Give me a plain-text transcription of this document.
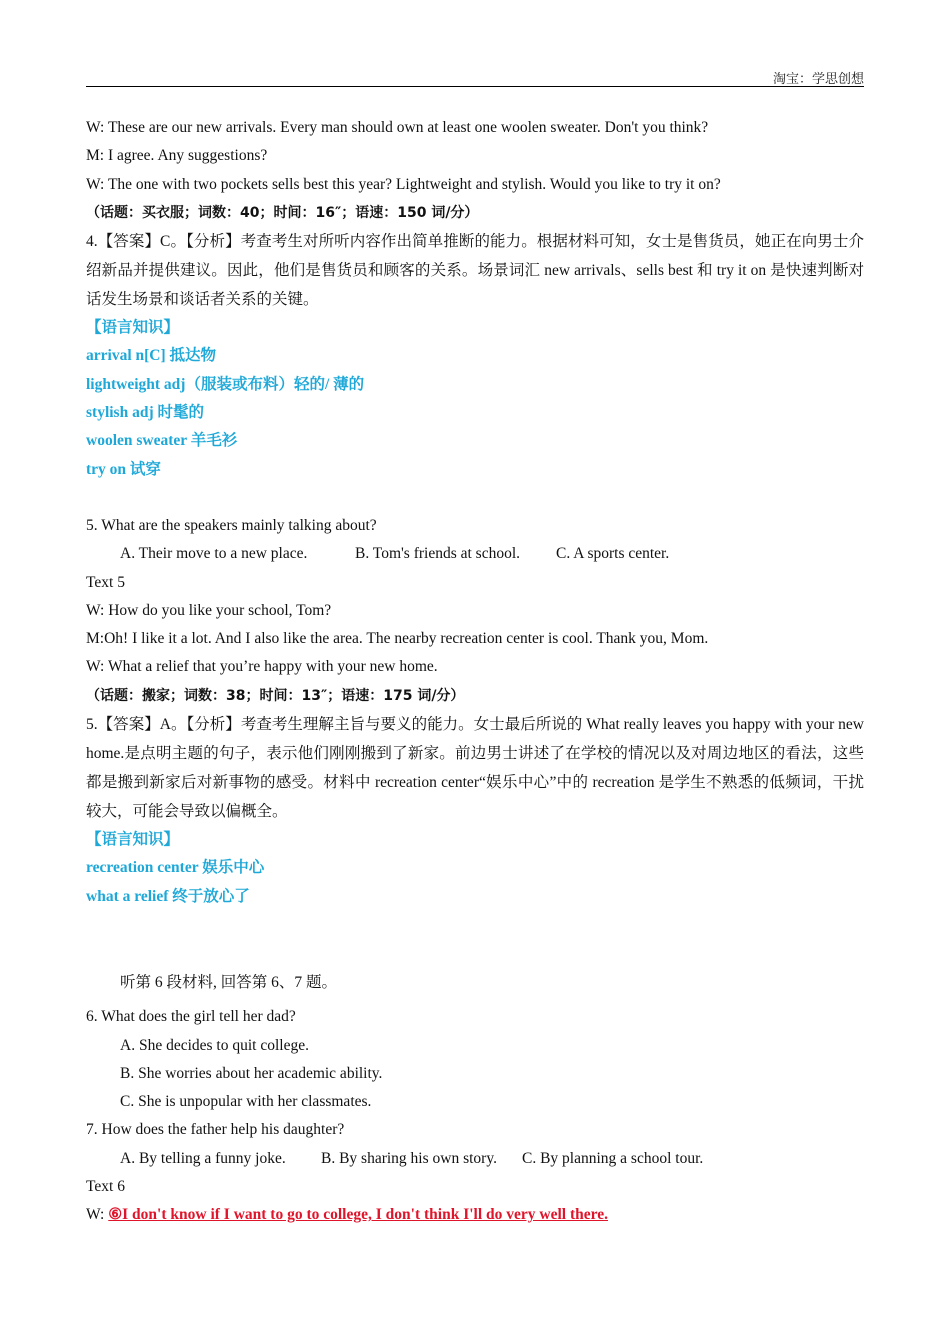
淘宝：学思创想
W: These are our new arrivals. Every man should own at least one woolen sweater. Don't you think?
M: I agree. Any suggestions?
W: The one with two pockets sells best this year? Lightweight and stylish. Would you like to try it on?
（话题：买衣服；词数：40；时间：16″；语速：150 词/分）
4.【答案】C。【分析】考查考生对所听内容作出简单推断的能力。根据材料可知，女士是售货员，她正在向男士介绍新品并提供建议。因此，他们是售货员和顾客的关系。场景词汇 new arrivals、sells best 和 try it on 是快速判断对话发生场景和谈话者关系的关键。
【语言知识】
arrival n[C] 抵达物
lightweight adj（服装或布料）轻的/ 薄的
stylish adj 时髦的
woolen sweater 羊毛衫
try on 试穿
5. What are the speakers mainly talking about?
A. Their move to a new place.	B. Tom's friends at school. C. A sports center.
Text 5
W: How do you like your school, Tom?
M:Oh! I like it a lot. And I also like the area. The nearby recreation center is cool. Thank you, Mom.
W: What a relief that you’re happy with your new home.
（话题：搬家；词数：38；时间：13″；语速：175 词/分）
5.【答案】A。【分析】考查考生理解主旨与要义的能力。女士最后所说的 What really leaves you happy with your new home.是点明主题的句子，表示他们刚刚搬到了新家。前边男士讲述了在学校的情况以及对周边地区的看法，这些都是搬到新家后对新事物的感受。材料中 recreation center“娱乐中心”中的 recreation 是学生不熟悉的低频词，干扰较大，可能会导致以偏概全。
【语言知识】
recreation center 娱乐中心
what a relief 终于放心了
听第 6 段材料, 回答第 6、7 题。
6. What does the girl tell her dad?
A. She decides to quit college.
B. She worries about her academic ability.
C. She is unpopular with her classmates.
7. How does the father help his daughter?
A. By telling a funny joke. B. By sharing his own story. C. By planning a school tour.
Text 6
W: ⑥I don't know if I want to go to college, I don't think I'll do very well there.
